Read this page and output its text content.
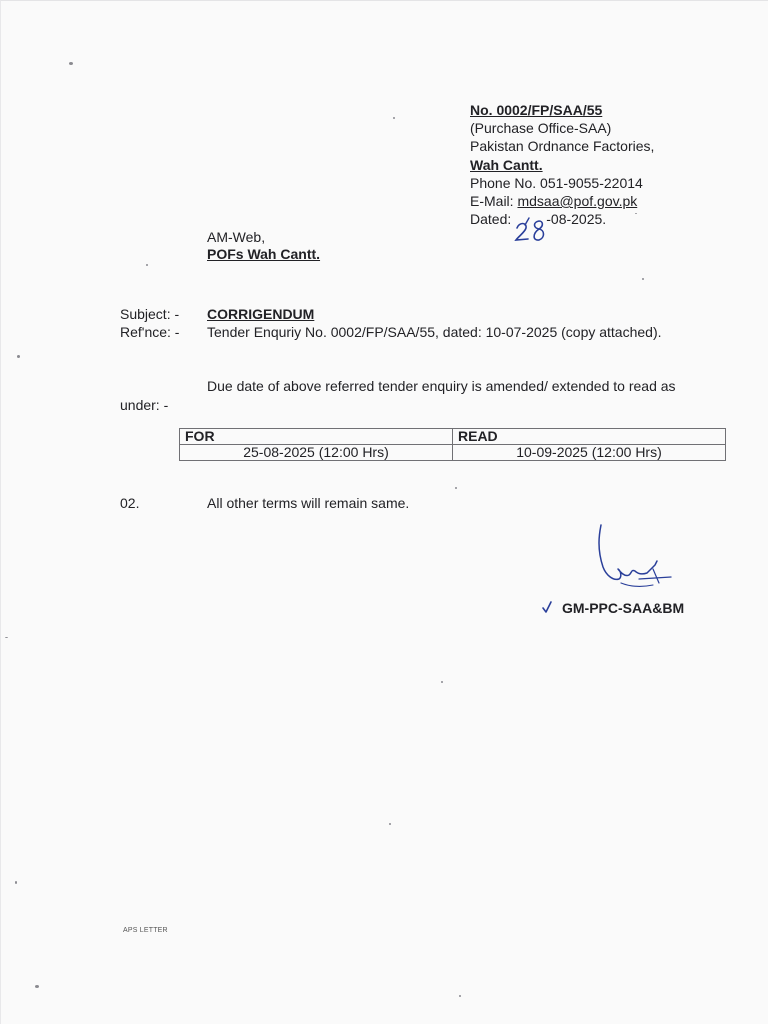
No. 0002/FP/SAA/55
(Purchase Office-SAA)
Pakistan Ordnance Factories,
Wah Cantt.
Phone No. 051-9055-22014
E-Mail: mdsaa@pof.gov.pk
Dated:	-08-2025.
AM-Web,
POFs Wah Cantt.
Subject: - CORRIGENDUM
Ref'nce: - Tender Enquriy No. 0002/FP/SAA/55, dated: 10-07-2025 (copy attached).
Due date of above referred tender enquiry is amended/ extended to read as
under: -
FOR	READ
25-08-2025 (12:00 Hrs)	10-09-2025 (12:00 Hrs)
02.	All other terms will remain same.
GM-PPC-SAA&BM
APS LETTER
